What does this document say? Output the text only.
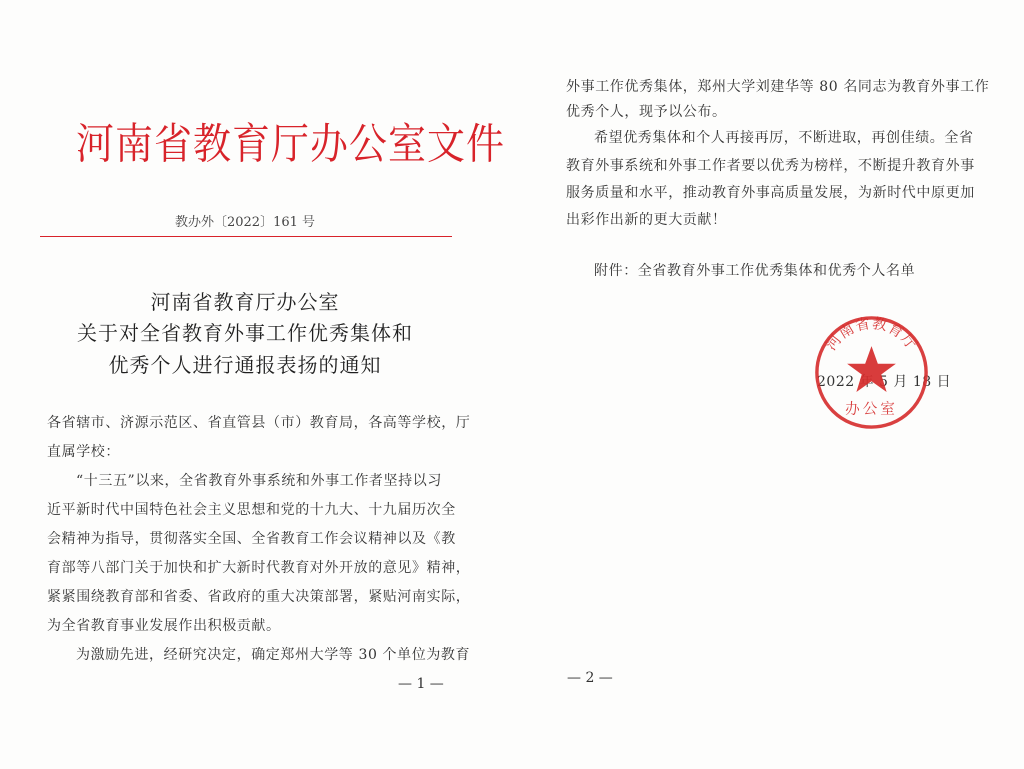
河南省教育厅办公室文件
教办外〔2022〕161 号
河南省教育厅办公室
关于对全省教育外事工作优秀集体和
优秀个人进行通报表扬的通知
各省辖市、济源示范区、省直管县（市）教育局，各高等学校，厅
直属学校：
“十三五”以来，全省教育外事系统和外事工作者坚持以习
近平新时代中国特色社会主义思想和党的十九大、十九届历次全
会精神为指导，贯彻落实全国、全省教育工作会议精神以及《教
育部等八部门关于加快和扩大新时代教育对外开放的意见》精神，
紧紧围绕教育部和省委、省政府的重大决策部署，紧贴河南实际，
为全省教育事业发展作出积极贡献。
为激励先进，经研究决定，确定郑州大学等 30 个单位为教育
— 1 —
外事工作优秀集体，郑州大学刘建华等 80 名同志为教育外事工作
优秀个人，现予以公布。
希望优秀集体和个人再接再厉，不断进取，再创佳绩。全省
教育外事系统和外事工作者要以优秀为榜样，不断提升教育外事
服务质量和水平，推动教育外事高质量发展，为新时代中原更加
出彩作出新的更大贡献！
附件：全省教育外事工作优秀集体和优秀个人名单
2022 年 5 月 18 日
河南省教育厅
办公室
— 2 —
